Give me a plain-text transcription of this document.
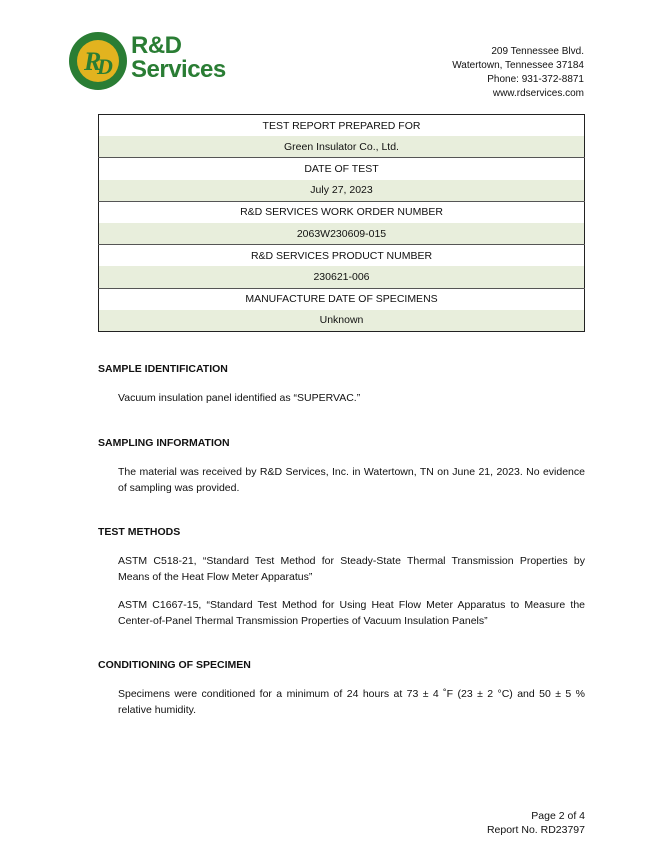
R
D
R&D
Services
209 Tennessee Blvd.
Watertown, Tennessee 37184
Phone: 931-372-8871
www.rdservices.com
TEST REPORT PREPARED FOR
Green Insulator Co., Ltd.
DATE OF TEST
July 27, 2023
R&D SERVICES WORK ORDER NUMBER
2063W230609-015
R&D SERVICES PRODUCT NUMBER
230621-006
MANUFACTURE DATE OF SPECIMENS
Unknown
SAMPLE IDENTIFICATION

Vacuum insulation panel identified as “SUPERVAC.”

SAMPLING INFORMATION

The material was received by R&D Services, Inc. in Watertown, TN on June 21, 2023. No evidence of sampling was provided.

TEST METHODS

ASTM C518-21, “Standard Test Method for Steady-State Thermal Transmission Properties by Means of the Heat Flow Meter Apparatus”

ASTM C1667-15, “Standard Test Method for Using Heat Flow Meter Apparatus to Measure the Center-of-Panel Thermal Transmission Properties of Vacuum Insulation Panels”

CONDITIONING OF SPECIMEN

Specimens were conditioned for a minimum of 24 hours at 73 ± 4 ˚F (23 ± 2 °C) and 50 ± 5 % relative humidity.

Page 2 of 4
Report No. RD23797
